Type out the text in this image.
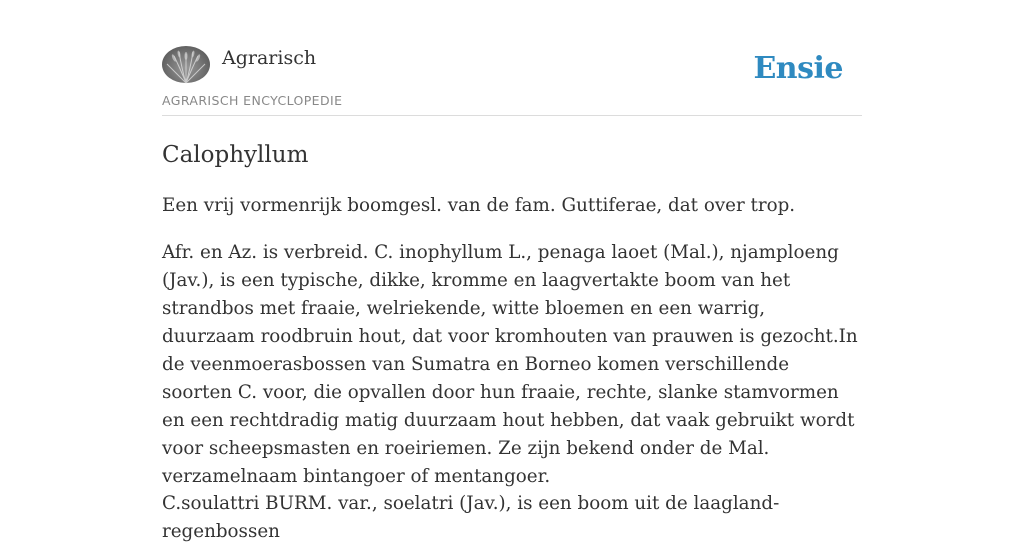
Agrarisch
AGRARISCH ENCYCLOPEDIE
Ensie
Calophyllum

Een vrij vormenrijk boomgesl. van de fam. Guttiferae, dat over trop.

Afr. en Az. is verbreid. C. inophyllum L., penaga laoet (Mal.), njamploeng (Jav.), is een typische, dikke, kromme en laagvertakte boom van het strandbos met fraaie, welriekende, witte bloemen en een warrig, duurzaam roodbruin hout, dat voor kromhouten van prauwen is gezocht.In de veenmoerasbossen van Sumatra en Borneo komen verschillende soorten C. voor, die opvallen door hun fraaie, rechte, slanke stamvormen en een rechtdradig matig duurzaam hout hebben, dat vaak gebruikt wordt voor scheepsmasten en roeiriemen. Ze zijn bekend onder de Mal. verzamelnaam bintangoer of mentangoer.

C.soulattri BURM. var., soelatri (Jav.), is een boom uit de laagland-regenbossen
